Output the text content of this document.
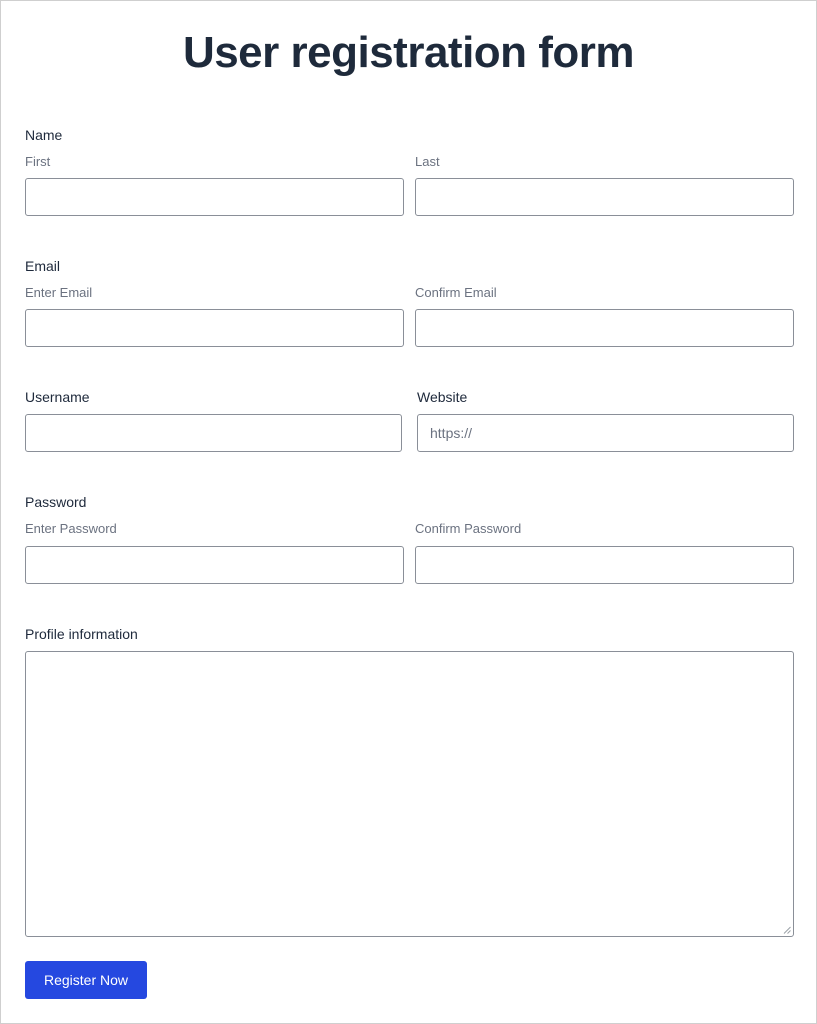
User registration form
Name
First	Last
Email
Enter Email	Confirm Email
Username	Website
https://
Password
Enter Password	Confirm Password
Profile information
Register Now
